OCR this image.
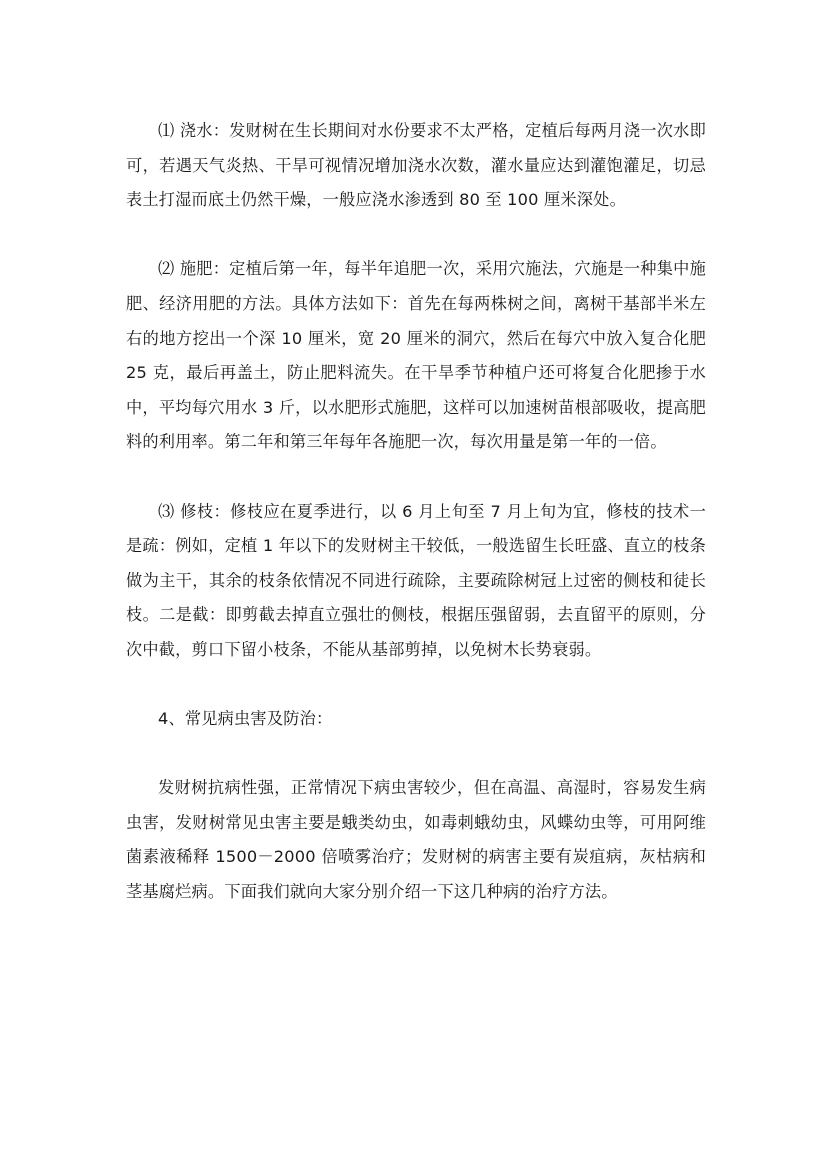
⑴ 浇水：发财树在生长期间对水份要求不太严格，定植后每两月浇一次水即可，若遇天气炎热、干旱可视情况增加浇水次数，灌水量应达到灌饱灌足，切忌表土打湿而底土仍然干燥，一般应浇水渗透到 80 至 100 厘米深处。

⑵ 施肥：定植后第一年，每半年追肥一次，采用穴施法，穴施是一种集中施肥、经济用肥的方法。具体方法如下：首先在每两株树之间，离树干基部半米左右的地方挖出一个深 10 厘米，宽 20 厘米的洞穴，然后在每穴中放入复合化肥 25 克，最后再盖土，防止肥料流失。在干旱季节种植户还可将复合化肥掺于水中，平均每穴用水 3 斤，以水肥形式施肥，这样可以加速树苗根部吸收，提高肥料的利用率。第二年和第三年每年各施肥一次，每次用量是第一年的一倍。

⑶ 修枝：修枝应在夏季进行，以 6 月上旬至 7 月上旬为宜，修枝的技术一是疏：例如，定植 1 年以下的发财树主干较低，一般选留生长旺盛、直立的枝条做为主干，其余的枝条依情况不同进行疏除，主要疏除树冠上过密的侧枝和徒长枝。二是截：即剪截去掉直立强壮的侧枝，根据压强留弱，去直留平的原则，分次中截，剪口下留小枝条，不能从基部剪掉，以免树木长势衰弱。

4、常见病虫害及防治：

发财树抗病性强，正常情况下病虫害较少，但在高温、高湿时，容易发生病虫害，发财树常见虫害主要是蛾类幼虫，如毒刺蛾幼虫，风蝶幼虫等，可用阿维菌素液稀释 1500－2000 倍喷雾治疗；发财树的病害主要有炭疽病，灰枯病和茎基腐烂病。下面我们就向大家分别介绍一下这几种病的治疗方法。
